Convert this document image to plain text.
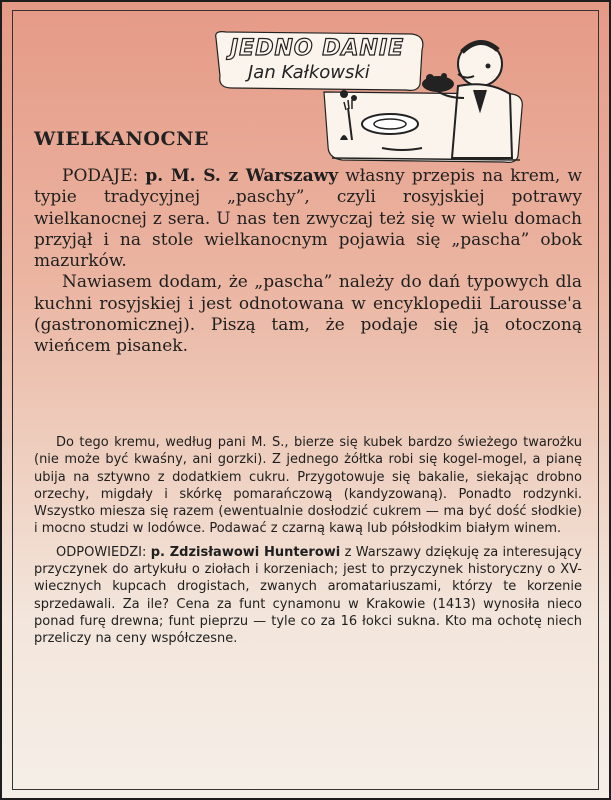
JEDNO DANIE
Jan Kałkowski
WIELKANOCNE

PODAJE: p. M. S. z Warszawy własny przepis na krem, w typie tradycyjnej „paschy”, czyli rosyjskiej potrawy wielkanocnej z sera. U nas ten zwyczaj też się w wielu domach przyjął i na stole wielkanocnym pojawia się „pascha” obok mazurków.

Nawiasem dodam, że „pascha” należy do dań typowych dla kuchni rosyjskiej i jest odnotowana w encyklopedii Larousse'a (gastronomicznej). Piszą tam, że podaje się ją otoczoną wieńcem pisanek.

Do tego kremu, według pani M. S., bierze się kubek bardzo świeżego twarożku (nie może być kwaśny, ani gorzki). Z jednego żółtka robi się kogel-mogel, a pianę ubija na sztywno z dodatkiem cukru. Przygotowuje się bakalie, siekając drobno orzechy, migdały i skórkę pomarańczową (kandyzowaną). Ponadto rodzynki. Wszystko miesza się razem (ewentualnie dosłodzić cukrem — ma być dość słodkie) i mocno studzi w lodówce. Podawać z czarną kawą lub półsłodkim białym winem.

ODPOWIEDZI: p. Zdzisławowi Hunterowi z Warszawy dziękuję za interesujący przyczynek do artykułu o ziołach i korzeniach; jest to przyczynek historyczny o XV-wiecznych kupcach drogistach, zwanych aromatariuszami, którzy te korzenie sprzedawali. Za ile? Cena za funt cynamonu w Krakowie (1413) wynosiła nieco ponad furę drewna; funt pieprzu — tyle co za 16 łokci sukna. Kto ma ochotę niech przeliczy na ceny współczesne.
